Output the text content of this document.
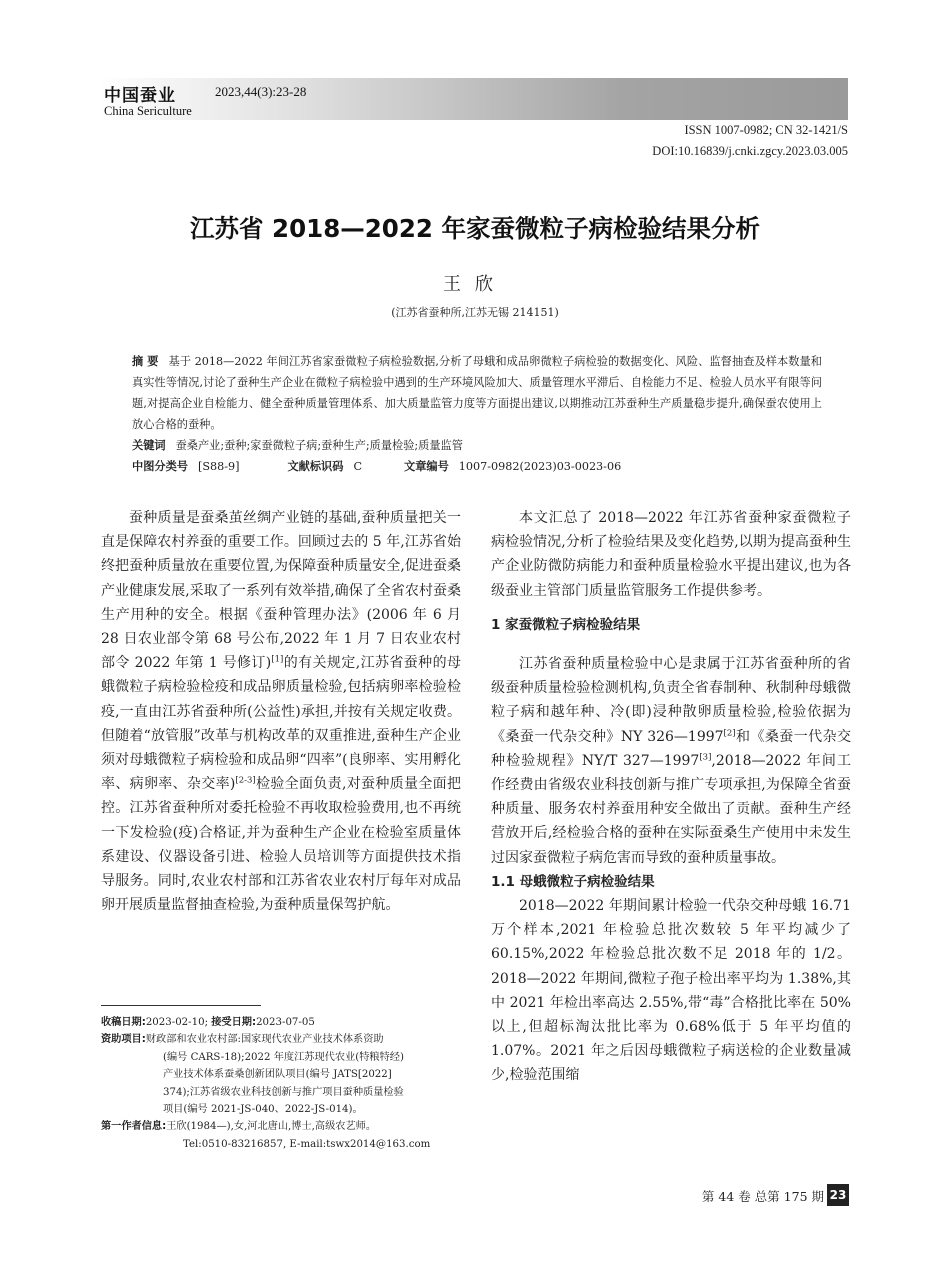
中国蚕业	2023,44(3):23-28
China Sericulture
ISSN 1007-0982; CN 32-1421/S
DOI:10.16839/j.cnki.zgcy.2023.03.005
江苏省 2018—2022 年家蚕微粒子病检验结果分析
王欣
(江苏省蚕种所,江苏无锡 214151)

摘 要 基于 2018—2022 年间江苏省家蚕微粒子病检验数据,分析了母蛾和成品卵微粒子病检验的数据变化、风险、监督抽查及样本数量和真实性等情况,讨论了蚕种生产企业在微粒子病检验中遇到的生产环境风险加大、质量管理水平滞后、自检能力不足、检验人员水平有限等问题,对提高企业自检能力、健全蚕种质量管理体系、加大质量监管力度等方面提出建议,以期推动江苏蚕种生产质量稳步提升,确保蚕农使用上放心合格的蚕种。

关键词 蚕桑产业;蚕种;家蚕微粒子病;蚕种生产;质量检验;质量监管

中图分类号 [S88-9]	文献标识码 C	文章编号 1007-0982(2023)03-0023-06

蚕种质量是蚕桑茧丝绸产业链的基础,蚕种质量把关一直是保障农村养蚕的重要工作。回顾过去的 5 年,江苏省始终把蚕种质量放在重要位置,为保障蚕种质量安全,促进蚕桑产业健康发展,采取了一系列有效举措,确保了全省农村蚕桑生产用种的安全。根据《蚕种管理办法》(2006 年 6 月 28 日农业部令第 68 号公布,2022 年 1 月 7 日农业农村部令 2022 年第 1 号修订)[1]的有关规定,江苏省蚕种的母蛾微粒子病检验检疫和成品卵质量检验,包括病卵率检验检疫,一直由江苏省蚕种所(公益性)承担,并按有关规定收费。但随着“放管服”改革与机构改革的双重推进,蚕种生产企业须对母蛾微粒子病检验和成品卵“四率”(良卵率、实用孵化率、病卵率、杂交率)[2-3]检验全面负责,对蚕种质量全面把控。江苏省蚕种所对委托检验不再收取检验费用,也不再统一下发检验(疫)合格证,并为蚕种生产企业在检验室质量体系建设、仪器设备引进、检验人员培训等方面提供技术指导服务。同时,农业农村部和江苏省农业农村厅每年对成品卵开展质量监督抽查检验,为蚕种质量保驾护航。

本文汇总了 2018—2022 年江苏省蚕种家蚕微粒子病检验情况,分析了检验结果及变化趋势,以期为提高蚕种生产企业防微防病能力和蚕种质量检验水平提出建议,也为各级蚕业主管部门质量监管服务工作提供参考。

1 家蚕微粒子病检验结果

江苏省蚕种质量检验中心是隶属于江苏省蚕种所的省级蚕种质量检验检测机构,负责全省春制种、秋制种母蛾微粒子病和越年种、冷(即)浸种散卵质量检验,检验依据为《桑蚕一代杂交种》NY 326—1997[2]和《桑蚕一代杂交种检验规程》NY/T 327—1997[3],2018—2022 年间工作经费由省级农业科技创新与推广专项承担,为保障全省蚕种质量、服务农村养蚕用种安全做出了贡献。蚕种生产经营放开后,经检验合格的蚕种在实际蚕桑生产使用中未发生过因家蚕微粒子病危害而导致的蚕种质量事故。

1.1 母蛾微粒子病检验结果

2018—2022 年期间累计检验一代杂交种母蛾 16.71 万个样本,2021 年检验总批次数较 5 年平均减少了 60.15%,2022 年检验总批次数不足 2018 年的 1/2。2018—2022 年期间,微粒子孢子检出率平均为 1.38%,其中 2021 年检出率高达 2.55%,带“毒”合格批比率在 50%以上,但超标淘汰批比率为 0.68%低于 5 年平均值的 1.07%。2021 年之后因母蛾微粒子病送检的企业数量减少,检验范围缩

收稿日期:2023-02-10; 接受日期:2023-07-05

资助项目:财政部和农业农村部:国家现代农业产业技术体系资助

(编号 CARS-18);2022 年度江苏现代农业(特粮特经)

产业技术体系蚕桑创新团队项目(编号 JATS[2022]

374);江苏省级农业科技创新与推广项目蚕种质量检验

项目(编号 2021-JS-040、2022-JS-014)。

第一作者信息:王欣(1984—),女,河北唐山,博士,高级农艺师。

Tel:0510-83216857, E-mail:tswx2014@163.com

第 44 卷 总第 175 期 23
